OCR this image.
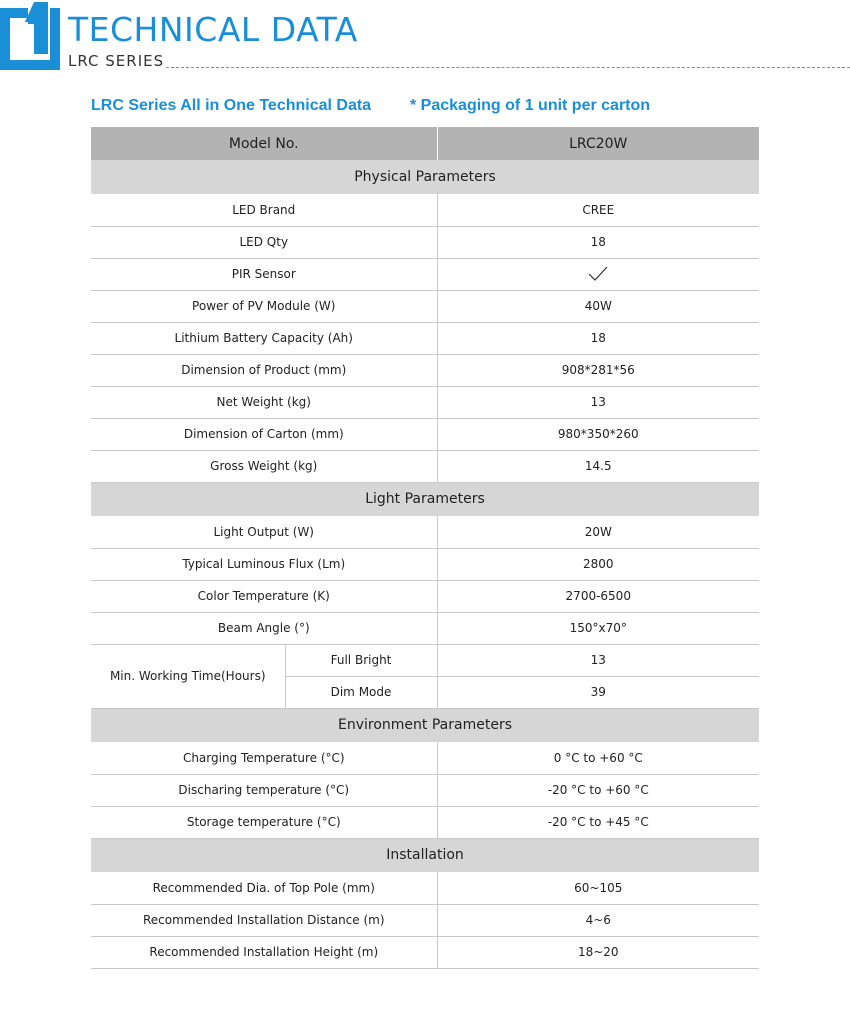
TECHNICAL DATA
LRC SERIES
LRC Series All in One Technical Data * Packaging of 1 unit per carton
Model No.		LRC20W
Physical Parameters		
LED Brand		CREE
LED Qty		18
PIR Sensor	
Power of PV Module (W)		40W
Lithium Battery Capacity (Ah)		18
Dimension of Product (mm)		908*281*56
Net Weight (kg)		13
Dimension of Carton (mm)		980*350*260
Gross Weight (kg)		14.5
Light Parameters		
Light Output (W)		20W
Typical Luminous Flux (Lm)		2800
Color Temperature (K)		2700-6500
Beam Angle (°)		150°x70°
Min. Working Time(Hours)	Full Bright	13
	Dim Mode	39
Environment Parameters		
Charging Temperature (°C)		0 °C to +60 °C
Discharing temperature (°C)		-20 °C to +60 °C
Storage temperature (°C)		-20 °C to +45 °C
Installation		
Recommended Dia. of Top Pole (mm)		60~105
Recommended Installation Distance (m)		4~6
Recommended Installation Height (m)		18~20
